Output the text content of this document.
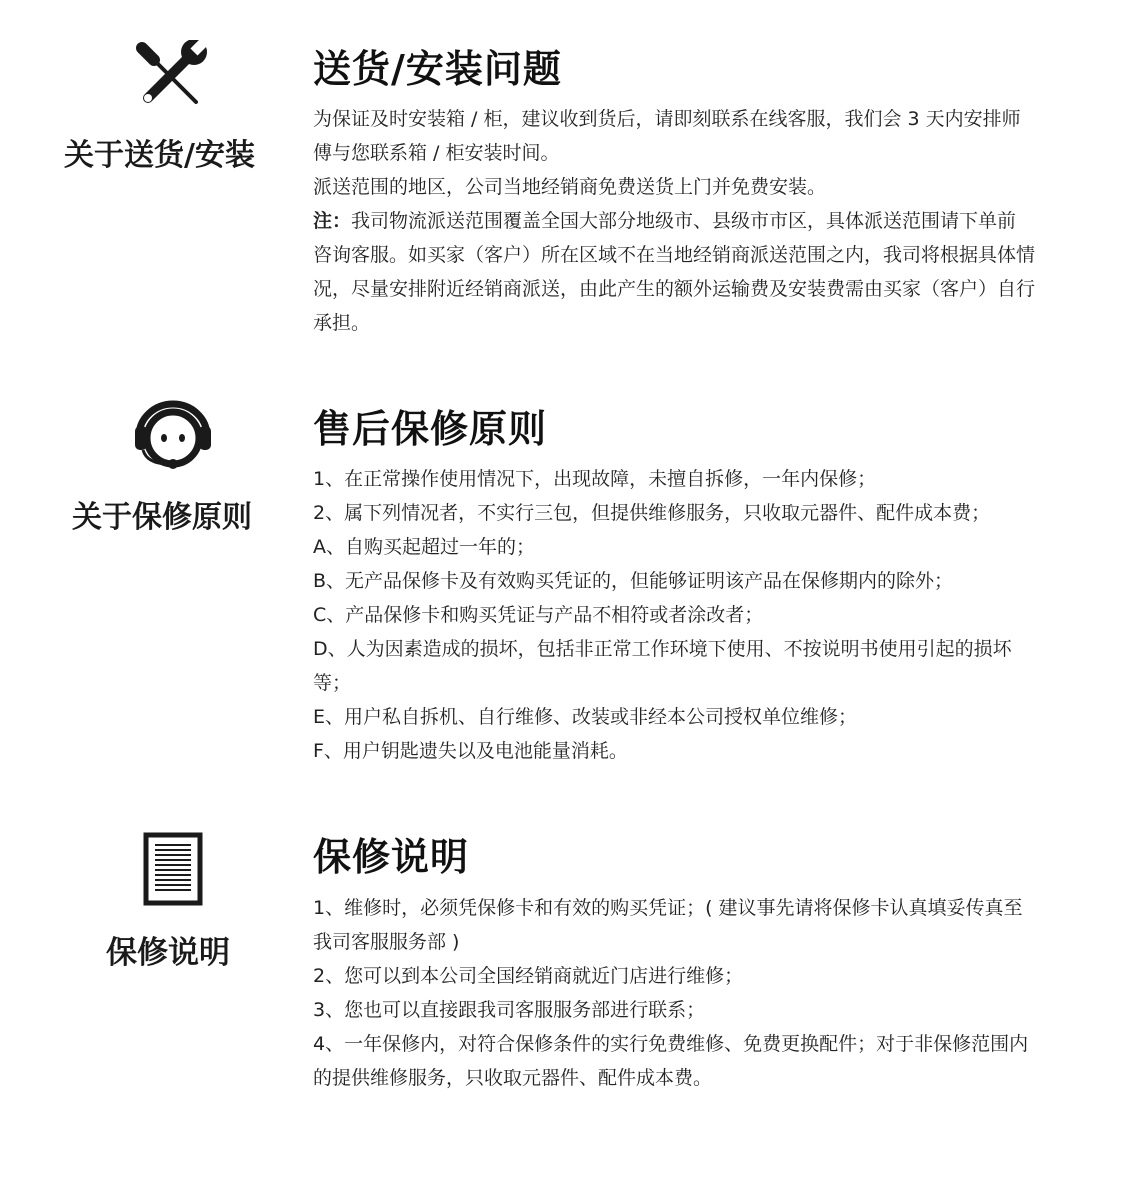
关于送货/安装
送货/安装问题

为保证及时安装箱 / 柜，建议收到货后，请即刻联系在线客服，我们会 3 天内安排师傅与您联系箱 / 柜安装时间。

派送范围的地区，公司当地经销商免费送货上门并免费安装。

注：我司物流派送范围覆盖全国大部分地级市、县级市市区，具体派送范围请下单前咨询客服。如买家（客户）所在区域不在当地经销商派送范围之内，我司将根据具体情况，尽量安排附近经销商派送，由此产生的额外运输费及安装费需由买家（客户）自行承担。

关于保修原则
售后保修原则

1、在正常操作使用情况下，出现故障，未擅自拆修，一年内保修；

2、属下列情况者，不实行三包，但提供维修服务，只收取元器件、配件成本费；

A、自购买起超过一年的；

B、无产品保修卡及有效购买凭证的，但能够证明该产品在保修期内的除外；

C、产品保修卡和购买凭证与产品不相符或者涂改者；

D、人为因素造成的损坏，包括非正常工作环境下使用、不按说明书使用引起的损坏等；

E、用户私自拆机、自行维修、改装或非经本公司授权单位维修；

F、用户钥匙遗失以及电池能量消耗。

保修说明
保修说明

1、维修时，必须凭保修卡和有效的购买凭证；( 建议事先请将保修卡认真填妥传真至我司客服服务部 )

2、您可以到本公司全国经销商就近门店进行维修；

3、您也可以直接跟我司客服服务部进行联系；

4、一年保修内，对符合保修条件的实行免费维修、免费更换配件；对于非保修范围内的提供维修服务，只收取元器件、配件成本费。
